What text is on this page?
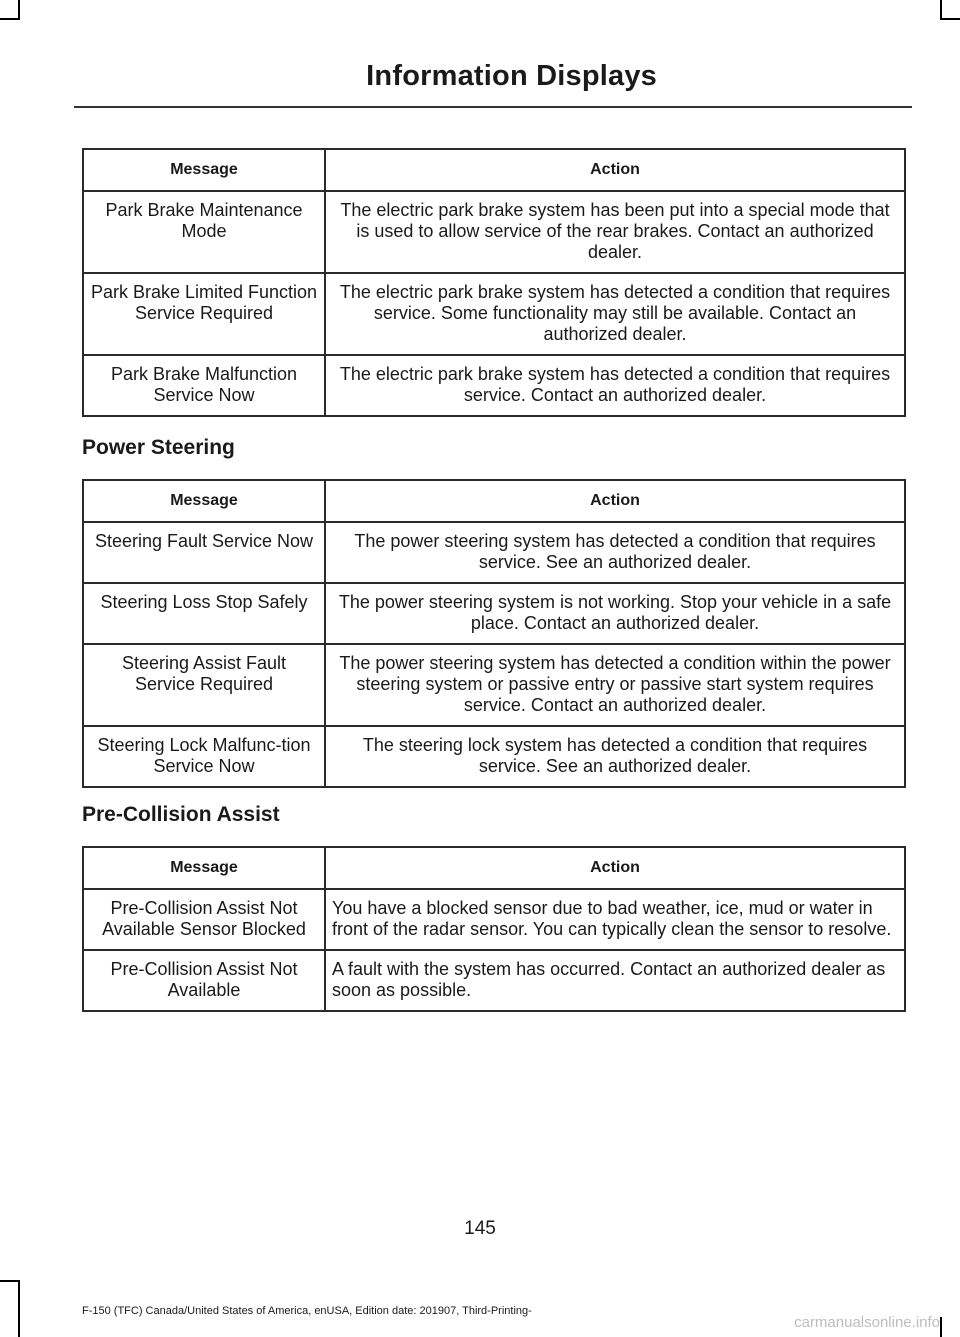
Information Displays
Message	Action
Park Brake Maintenance Mode	The electric park brake system has been put into a special mode that is used to allow service of the rear brakes. Contact an authorized dealer.
Park Brake Limited Function Service Required	The electric park brake system has detected a condition that requires service. Some functionality may still be available. Contact an authorized dealer.
Park Brake Malfunction Service Now	The electric park brake system has detected a condition that requires service. Contact an authorized dealer.
Power Steering
Message	Action
Steering Fault Service Now	The power steering system has detected a condition that requires service. See an authorized dealer.
Steering Loss Stop Safely	The power steering system is not working. Stop your vehicle in a safe place. Contact an authorized dealer.
Steering Assist Fault Service Required	The power steering system has detected a condition within the power steering system or passive entry or passive start system requires service. Contact an authorized dealer.
Steering Lock Malfunc-tion Service Now	The steering lock system has detected a condition that requires service. See an authorized dealer.
Pre-Collision Assist
Message	Action
Pre-Collision Assist Not Available Sensor Blocked	You have a blocked sensor due to bad weather, ice, mud or water in front of the radar sensor. You can typically clean the sensor to resolve.
Pre-Collision Assist Not Available	A fault with the system has occurred. Contact an authorized dealer as soon as possible.
145
F-150 (TFC) Canada/United States of America, enUSA, Edition date: 201907, Third-Printing-
carmanualsonline.info
